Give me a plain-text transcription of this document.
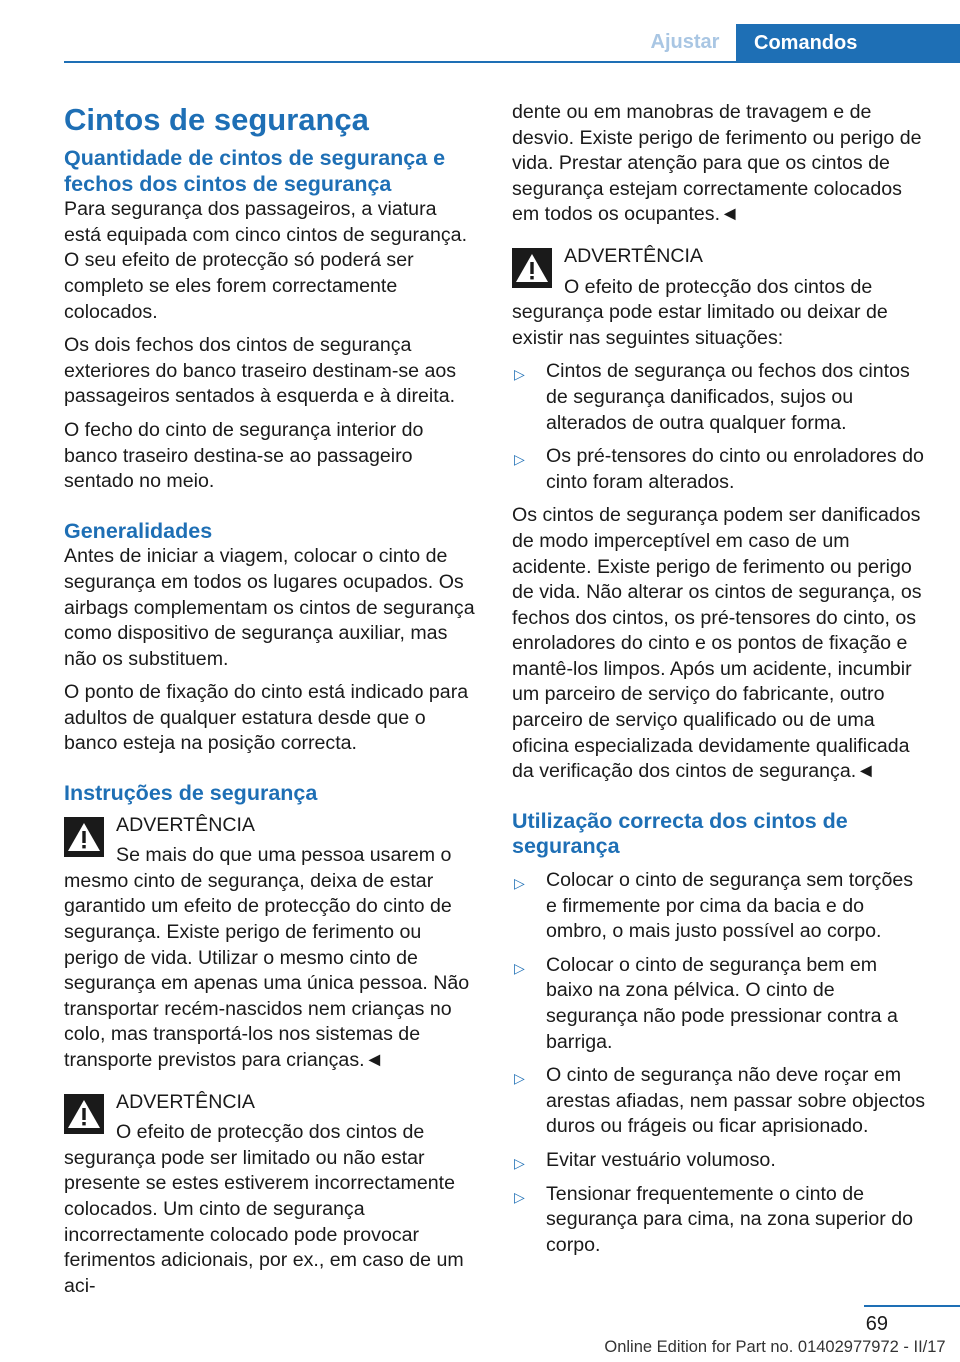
Ajustar	Comandos
Cintos de segurança
Quantidade de cintos de segurança e fechos dos cintos de segurança

Para segurança dos passageiros, a viatura está equipada com cinco cintos de segurança. O seu efeito de protecção só poderá ser completo se eles forem correctamente colocados.

Os dois fechos dos cintos de segurança exteriores do banco traseiro destinam-se aos passageiros sentados à esquerda e à direita.

O fecho do cinto de segurança interior do banco traseiro destina-se ao passageiro sentado no meio.

Generalidades

Antes de iniciar a viagem, colocar o cinto de segurança em todos os lugares ocupados. Os airbags complementam os cintos de segurança como dispositivo de segurança auxiliar, mas não os substituem.

O ponto de fixação do cinto está indicado para adultos de qualquer estatura desde que o banco esteja na posição correcta.

Instruções de segurança

ADVERTÊNCIA

Se mais do que uma pessoa usarem o mesmo cinto de segurança, deixa de estar garantido um efeito de protecção do cinto de segurança. Existe perigo de ferimento ou perigo de vida. Utilizar o mesmo cinto de segurança em apenas uma única pessoa. Não transportar recém-nascidos nem crianças no colo, mas transportá-los nos sistemas de transporte previstos para crianças.◄

ADVERTÊNCIA

O efeito de protecção dos cintos de segurança pode ser limitado ou não estar presente se estes estiverem incorrectamente colocados. Um cinto de segurança incorrectamente colocado pode provocar ferimentos adicionais, por ex., em caso de um aci-

dente ou em manobras de travagem e de desvio. Existe perigo de ferimento ou perigo de vida. Prestar atenção para que os cintos de segurança estejam correctamente colocados em todos os ocupantes.◄

ADVERTÊNCIA

O efeito de protecção dos cintos de segurança pode estar limitado ou deixar de existir nas seguintes situações:

▷ Cintos de segurança ou fechos dos cintos de segurança danificados, sujos ou alterados de outra qualquer forma.
▷ Os pré-tensores do cinto ou enroladores do cinto foram alterados.

Os cintos de segurança podem ser danificados de modo imperceptível em caso de um acidente. Existe perigo de ferimento ou perigo de vida. Não alterar os cintos de segurança, os fechos dos cintos, os pré-tensores do cinto, os enroladores do cinto e os pontos de fixação e mantê-los limpos. Após um acidente, incumbir um parceiro de serviço do fabricante, outro parceiro de serviço qualificado ou de uma oficina especializada devidamente qualificada da verificação dos cintos de segurança.◄

Utilização correcta dos cintos de segurança
▷ Colocar o cinto de segurança sem torções e firmemente por cima da bacia e do ombro, o mais justo possível ao corpo.
▷ Colocar o cinto de segurança bem em baixo na zona pélvica. O cinto de segurança não pode pressionar contra a barriga.
▷ O cinto de segurança não deve roçar em arestas afiadas, nem passar sobre objectos duros ou frágeis ou ficar aprisionado.
▷ Evitar vestuário volumoso.
▷ Tensionar frequentemente o cinto de segurança para cima, na zona superior do corpo.
69
Online Edition for Part no. 01402977972 - II/17
